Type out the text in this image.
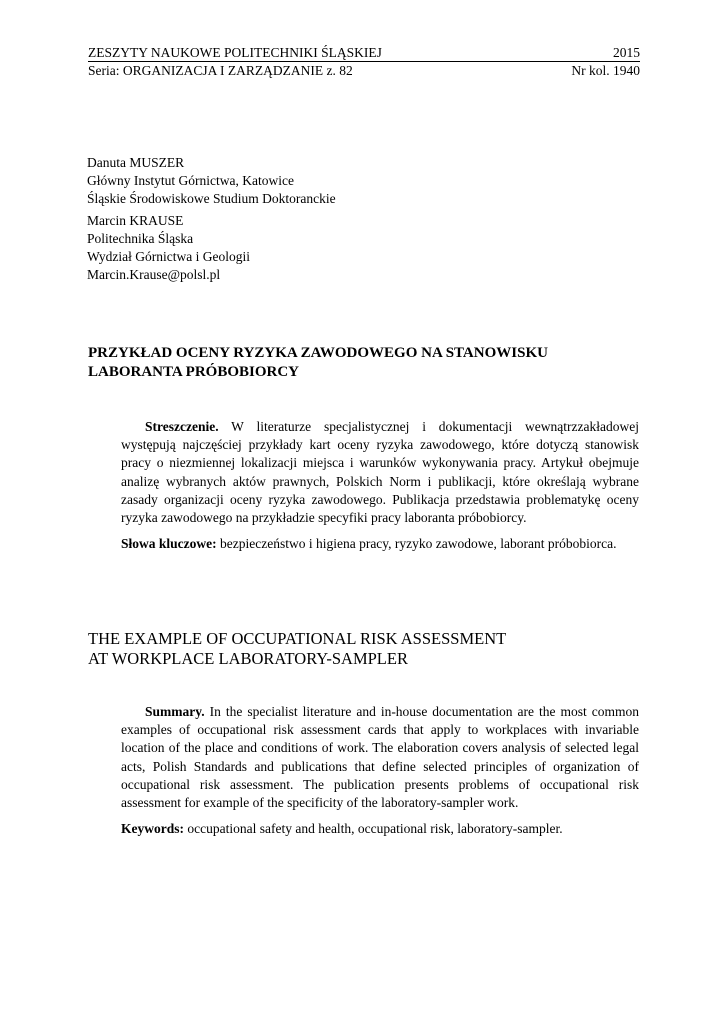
ZESZYTY NAUKOWE POLITECHNIKI ŚLĄSKIEJ	2015
Seria: ORGANIZACJA I ZARZĄDZANIE z. 82	Nr kol. 1940
Danuta MUSZER
Główny Instytut Górnictwa, Katowice
Śląskie Środowiskowe Studium Doktoranckie
Marcin KRAUSE
Politechnika Śląska
Wydział Górnictwa i Geologii
Marcin.Krause@polsl.pl
PRZYKŁAD OCENY RYZYKA ZAWODOWEGO NA STANOWISKU
LABORANTA PRÓBOBIORCY

Streszczenie. W literaturze specjalistycznej i dokumentacji wewnątrzzakładowej występują najczęściej przykłady kart oceny ryzyka zawodowego, które dotyczą stanowisk pracy o niezmiennej lokalizacji miejsca i warunków wykonywania pracy. Artykuł obejmuje analizę wybranych aktów prawnych, Polskich Norm i publikacji, które określają wybrane zasady organizacji oceny ryzyka zawodowego. Publikacja przedstawia problematykę oceny ryzyka zawodowego na przykładzie specyfiki pracy laboranta próbobiorcy.

Słowa kluczowe: bezpieczeństwo i higiena pracy, ryzyko zawodowe, laborant próbobiorca.

THE EXAMPLE OF OCCUPATIONAL RISK ASSESSMENT
AT WORKPLACE LABORATORY-SAMPLER

Summary. In the specialist literature and in-house documentation are the most common examples of occupational risk assessment cards that apply to workplaces with invariable location of the place and conditions of work. The elaboration covers analysis of selected legal acts, Polish Standards and publications that define selected principles of organization of occupational risk assessment. The publication presents problems of occupational risk assessment for example of the specificity of the laboratory-sampler work.

Keywords: occupational safety and health, occupational risk, laboratory-sampler.
